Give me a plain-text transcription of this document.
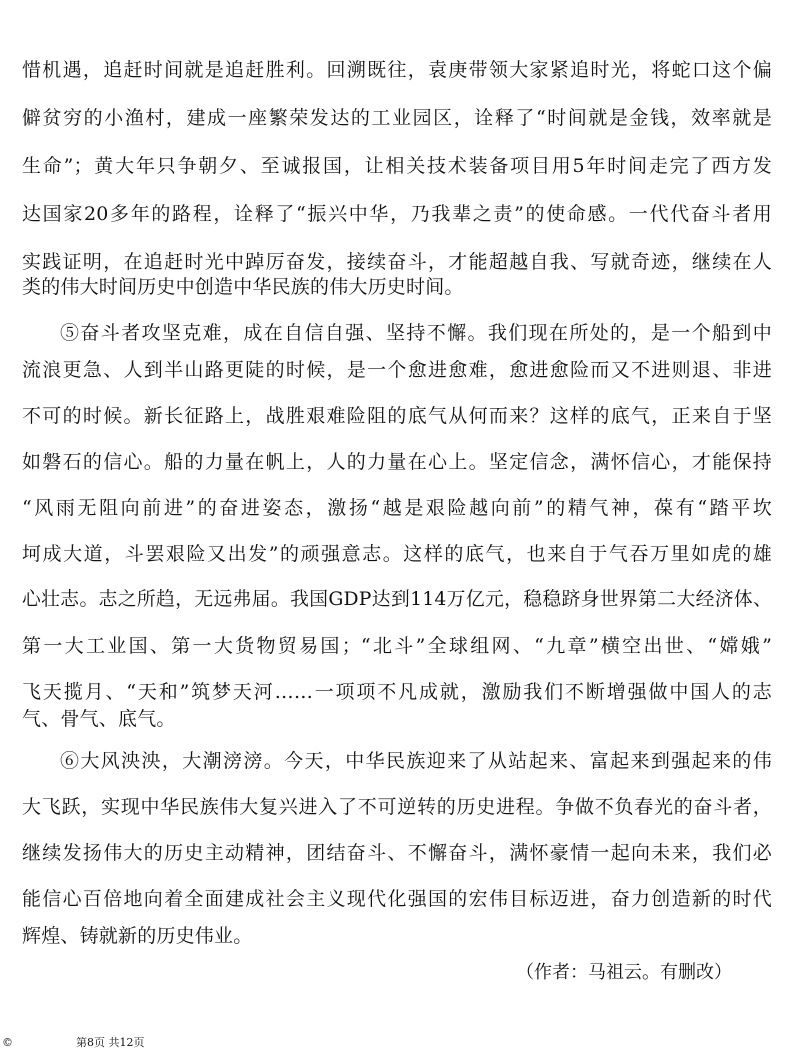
惜机遇，追赶时间就是追赶胜利。回溯既往，袁庚带领大家紧追时光，将蛇口这个偏
僻贫穷的小渔村，建成一座繁荣发达的工业园区，诠释了“时间就是金钱，效率就是
生命”；黄大年只争朝夕、至诚报国，让相关技术装备项目用5年时间走完了西方发
达国家20多年的路程，诠释了“振兴中华，乃我辈之责”的使命感。一代代奋斗者用
实践证明，在追赶时光中踔厉奋发，接续奋斗，才能超越自我、写就奇迹，继续在人
类的伟大时间历史中创造中华民族的伟大历史时间。
⑤奋斗者攻坚克难，成在自信自强、坚持不懈。我们现在所处的，是一个船到中
流浪更急、人到半山路更陡的时候，是一个愈进愈难，愈进愈险而又不进则退、非进
不可的时候。新长征路上，战胜艰难险阻的底气从何而来？这样的底气，正来自于坚
如磐石的信心。船的力量在帆上，人的力量在心上。坚定信念，满怀信心，才能保持
“风雨无阻向前进”的奋进姿态，激扬“越是艰险越向前”的精气神，葆有“踏平坎
坷成大道，斗罢艰险又出发”的顽强意志。这样的底气，也来自于气吞万里如虎的雄
心壮志。志之所趋，无远弗届。我国GDP达到114万亿元，稳稳跻身世界第二大经济体、
第一大工业国、第一大货物贸易国；“北斗”全球组网、“九章”横空出世、“嫦娥”
飞天揽月、“天和”筑梦天河……一项项不凡成就，激励我们不断增强做中国人的志
气、骨气、底气。
⑥大风泱泱，大潮滂滂。今天，中华民族迎来了从站起来、富起来到强起来的伟
大飞跃，实现中华民族伟大复兴进入了不可逆转的历史进程。争做不负春光的奋斗者，
继续发扬伟大的历史主动精神，团结奋斗、不懈奋斗，满怀豪情一起向未来，我们必
能信心百倍地向着全面建成社会主义现代化强国的宏伟目标迈进，奋力创造新的时代
辉煌、铸就新的历史伟业。
（作者：马祖云。有删改）
©	第8页 共12页
